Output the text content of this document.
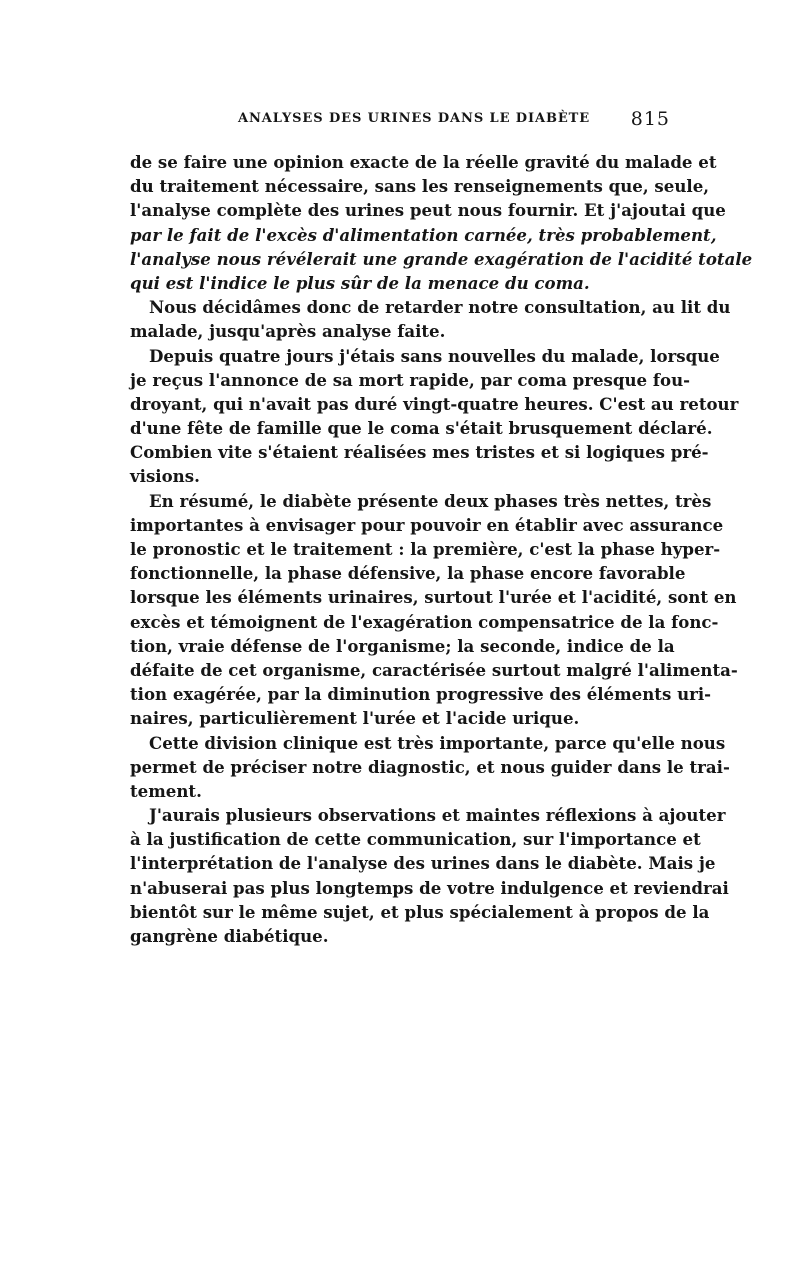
ANALYSES DES URINES DANS LE DIABÈTE 815
de se faire une opinion exacte de la réelle gravité du malade et
du traitement nécessaire, sans les renseignements que, seule,
l'analyse complète des urines peut nous fournir. Et j'ajoutai que
par le fait de l'excès d'alimentation carnée, très probablement,
l'analyse nous révélerait une grande exagération de l'acidité totale
qui est l'indice le plus sûr de la menace du coma.
Nous décidâmes donc de retarder notre consultation, au lit du
malade, jusqu'après analyse faite.
Depuis quatre jours j'étais sans nouvelles du malade, lorsque
je reçus l'annonce de sa mort rapide, par coma presque fou-
droyant, qui n'avait pas duré vingt-quatre heures. C'est au retour
d'une fête de famille que le coma s'était brusquement déclaré.
Combien vite s'étaient réalisées mes tristes et si logiques pré-
visions.
En résumé, le diabète présente deux phases très nettes, très
importantes à envisager pour pouvoir en établir avec assurance
le pronostic et le traitement : la première, c'est la phase hyper-
fonctionnelle, la phase défensive, la phase encore favorable
lorsque les éléments urinaires, surtout l'urée et l'acidité, sont en
excès et témoignent de l'exagération compensatrice de la fonc-
tion, vraie défense de l'organisme; la seconde, indice de la
défaite de cet organisme, caractérisée surtout malgré l'alimenta-
tion exagérée, par la diminution progressive des éléments uri-
naires, particulièrement l'urée et l'acide urique.
Cette division clinique est très importante, parce qu'elle nous
permet de préciser notre diagnostic, et nous guider dans le trai-
tement.
J'aurais plusieurs observations et maintes réflexions à ajouter
à la justification de cette communication, sur l'importance et
l'interprétation de l'analyse des urines dans le diabète. Mais je
n'abuserai pas plus longtemps de votre indulgence et reviendrai
bientôt sur le même sujet, et plus spécialement à propos de la
gangrène diabétique.
